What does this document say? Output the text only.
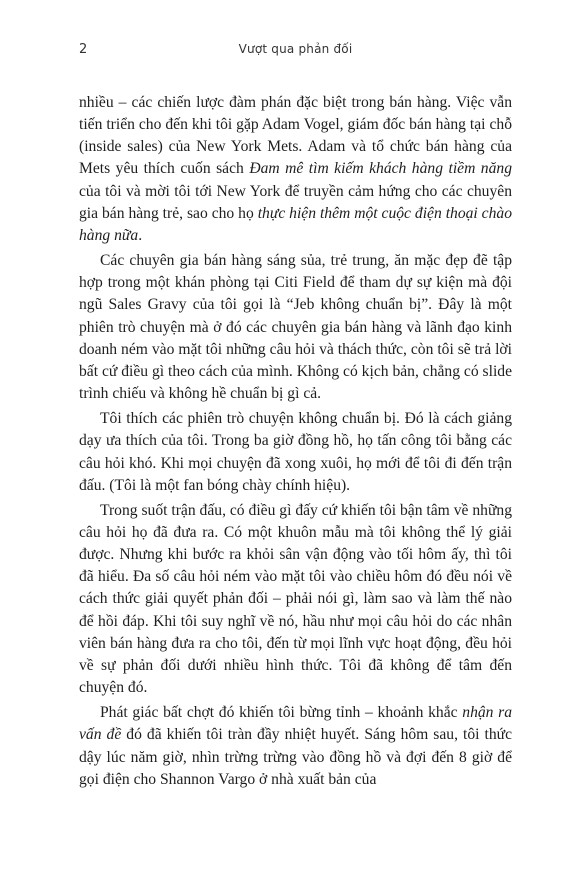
2	Vượt qua phản đối

nhiều – các chiến lược đàm phán đặc biệt trong bán hàng. Việc vẫn tiến triển cho đến khi tôi gặp Adam Vogel, giám đốc bán hàng tại chỗ (inside sales) của New York Mets. Adam và tổ chức bán hàng của Mets yêu thích cuốn sách Đam mê tìm kiếm khách hàng tiềm năng của tôi và mời tôi tới New York để truyền cảm hứng cho các chuyên gia bán hàng trẻ, sao cho họ thực hiện thêm một cuộc điện thoại chào hàng nữa.

Các chuyên gia bán hàng sáng sủa, trẻ trung, ăn mặc đẹp đẽ tập hợp trong một khán phòng tại Citi Field để tham dự sự kiện mà đội ngũ Sales Gravy của tôi gọi là “Jeb không chuẩn bị”. Đây là một phiên trò chuyện mà ở đó các chuyên gia bán hàng và lãnh đạo kinh doanh ném vào mặt tôi những câu hỏi và thách thức, còn tôi sẽ trả lời bất cứ điều gì theo cách của mình. Không có kịch bản, chẳng có slide trình chiếu và không hề chuẩn bị gì cả.

Tôi thích các phiên trò chuyện không chuẩn bị. Đó là cách giảng dạy ưa thích của tôi. Trong ba giờ đồng hồ, họ tấn công tôi bằng các câu hỏi khó. Khi mọi chuyện đã xong xuôi, họ mới để tôi đi đến trận đấu. (Tôi là một fan bóng chày chính hiệu).

Trong suốt trận đấu, có điều gì đấy cứ khiến tôi bận tâm về những câu hỏi họ đã đưa ra. Có một khuôn mẫu mà tôi không thể lý giải được. Nhưng khi bước ra khỏi sân vận động vào tối hôm ấy, thì tôi đã hiểu. Đa số câu hỏi ném vào mặt tôi vào chiều hôm đó đều nói về cách thức giải quyết phản đối – phải nói gì, làm sao và làm thế nào để hồi đáp. Khi tôi suy nghĩ về nó, hầu như mọi câu hỏi do các nhân viên bán hàng đưa ra cho tôi, đến từ mọi lĩnh vực hoạt động, đều hỏi về sự phản đối dưới nhiều hình thức. Tôi đã không để tâm đến chuyện đó.

Phát giác bất chợt đó khiến tôi bừng tỉnh – khoảnh khắc nhận ra vấn đề đó đã khiến tôi tràn đầy nhiệt huyết. Sáng hôm sau, tôi thức dậy lúc năm giờ, nhìn trừng trừng vào đồng hồ và đợi đến 8 giờ để gọi điện cho Shannon Vargo ở nhà xuất bản của
